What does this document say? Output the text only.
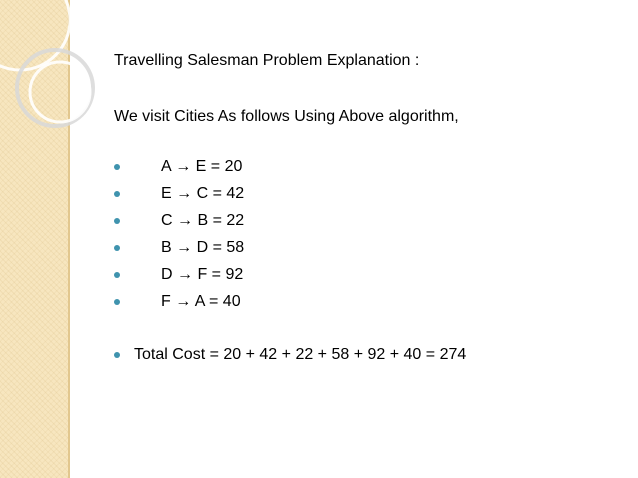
Travelling Salesman Problem Explanation :
We visit Cities As follows Using Above algorithm,
A → E = 20
E → C = 42
C → B = 22
B → D = 58
D → F = 92
F → A = 40
Total Cost = 20 + 42 + 22 + 58 + 92 + 40 = 274
